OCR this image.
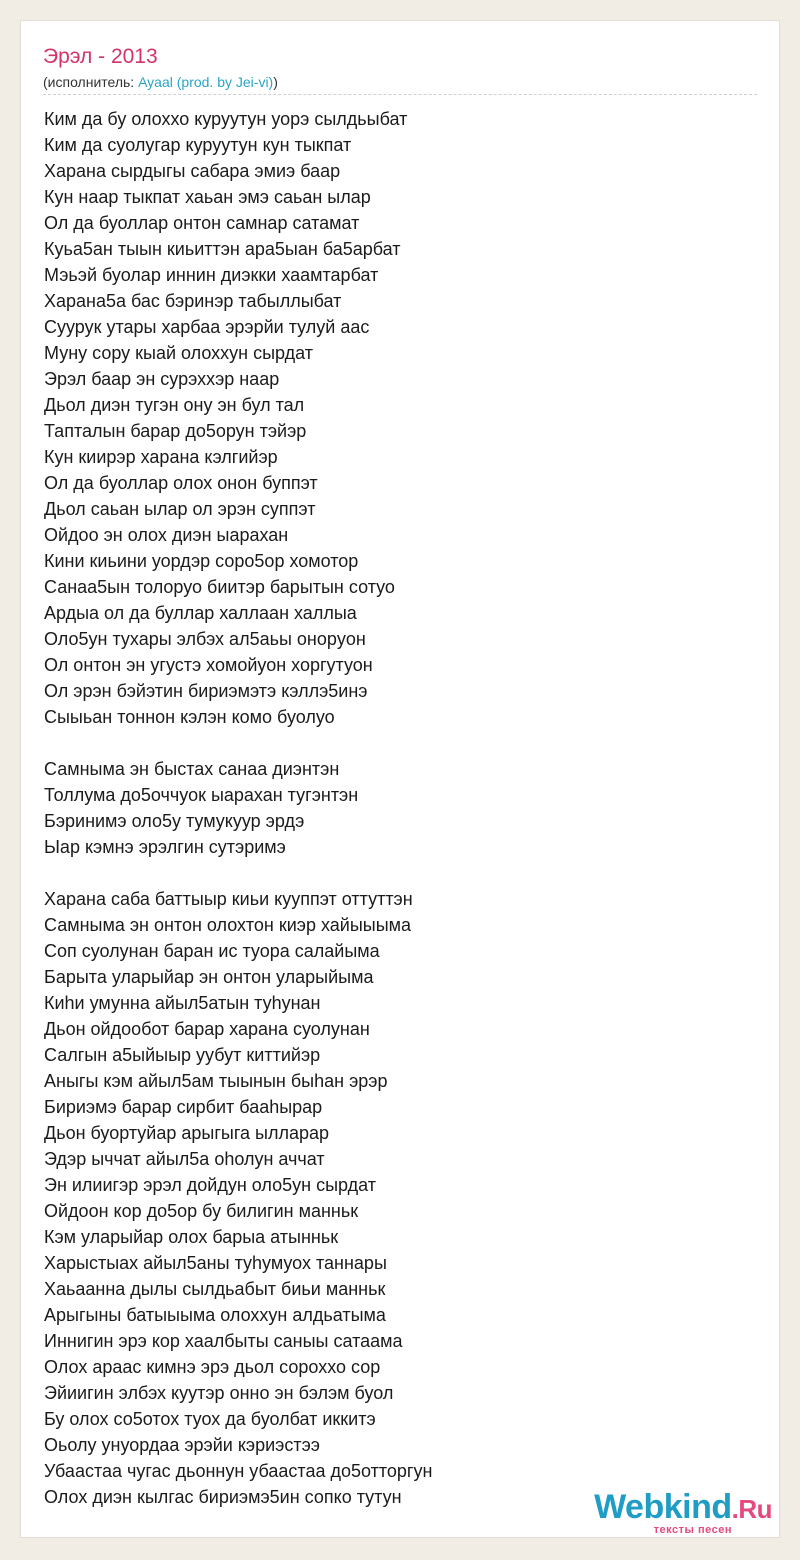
Эрэл - 2013
(исполнитель: Ayaal (prod. by Jei-vi))
Ким да бу олоххо куруутун уорэ сылдьыбат
Ким да суолугар куруутун кун тыкпат
Харана сырдыгы сабара эмиэ баар
Кун наар тыкпат хаьан эмэ саьан ылар
Ол да буоллар онтон самнар сатамат
Куьа5ан тыын киьиттэн ара5ыан ба5арбат
Мэьэй буолар иннин диэкки хаамтарбат
Харана5а бас бэринэр табыллыбат
Суурук утары харбаа эрэрйи тулуй аас
Муну сору кыай олоххун сырдат
Эрэл баар эн сурэххэр наар
Дьол диэн тугэн ону эн бул тал
Тапталын барар до5орун тэйэр
Кун киирэр харана кэлгийэр
Ол да буоллар олох онон буппэт
Дьол саьан ылар ол эрэн суппэт
Ойдоо эн олох диэн ыарахан
Кини киьини уордэр соро5ор хомотор
Санаа5ын толоруо биитэр барытын сотуо
Ардыа ол да буллар халлаан халлыа
Оло5ун тухары элбэх ал5аьы онорyон
Ол онтон эн угустэ хомойуон хоргутуон
Ол эрэн бэйэтин бириэмэтэ кэллэ5инэ
Сыыьан тоннон кэлэн комо буолуо
Самныма эн быстах санаа диэнтэн
Толлума до5оччуок ыарахан тугэнтэн
Бэринимэ оло5у тумукуур эрдэ
Ыар кэмнэ эрэлгин сутэримэ
Харана саба баттыыр киьи кууппэт оттуттэн
Самныма эн онтон олохтон киэр хайыыыма
Соп суолунан баран ис туора салайыма
Барыта уларыйар эн онтон уларыйыма
Киhи умунна айыл5атын туhунан
Дьон ойдообот барар харана суолунан
Салгын а5ыйыыр уубут киттийэр
Аныгы кэм айыл5ам тыынын быhан эрэр
Бириэмэ барар сирбит бааhырар
Дьон буортуйар арыгыга ылларар
Эдэр ыччат айыл5а оhолун аччат
Эн илиигэр эрэл дойдун оло5ун сырдат
Ойдоон кор до5ор бу билигин манньк
Кэм уларыйар олох барыа атынньк
Харыстыах айыл5аны туhумуох таннары
Хаьаанна дылы сылдьабыт биьи манньк
Арыгыны батыыыма олоххун алдьатыма
Иннигин эрэ кор хаалбыты саныы сатаама
Олох араас кимнэ эрэ дьол сороххо сор
Эйиигин элбэх куутэр онно эн бэлэм буол
Бу олох со5отох туох да буолбат иккитэ
Оьолу унуордаа эрэйи кэриэстээ
Убаастаа чугас дьоннун убаастаа до5отторгун
Олох диэн кылгас бириэмэ5ин сопко тутун	Webkind.Ru
тексты песен
